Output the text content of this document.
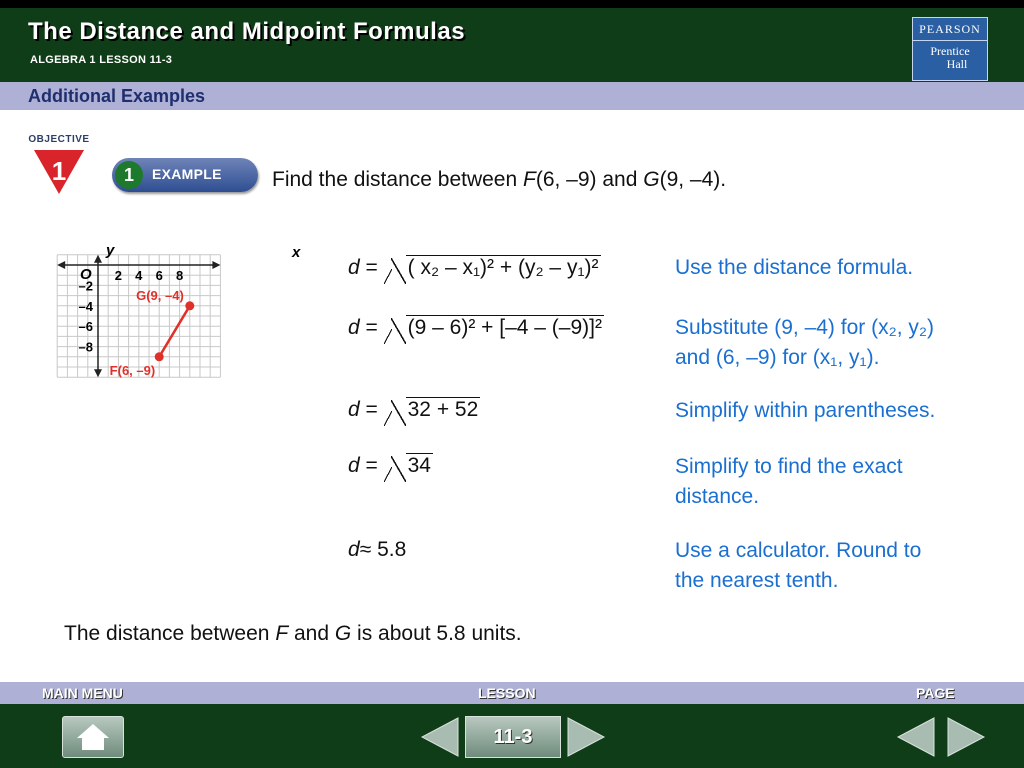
The Distance and Midpoint Formulas
ALGEBRA 1 LESSON 11-3
PEARSON
Prentice
Hall
Additional Examples
OBJECTIVE
1	1	EXAMPLE Find the distance between F(6, –9) and G(9, –4).
x
y
O 2 4 6 8
–2
–4
–6
–8
G(9, –4)
F(6, –9)
d = ( x₂ – x₁)² + (y₂ – y₁)²	Use the distance formula.
d = (9 – 6)² + [–4 – (–9)]²	Substitute (9, –4) for (x₂, y₂)
and (6, –9) for (x₁, y₁).
d = 32 + 52	Simplify within parentheses.
d = 34	Simplify to find the exact
distance.
d≈ 5.8	Use a calculator. Round to
the nearest tenth.
The distance between F and G is about 5.8 units.
MAIN MENU	LESSON	PAGE
11-3
